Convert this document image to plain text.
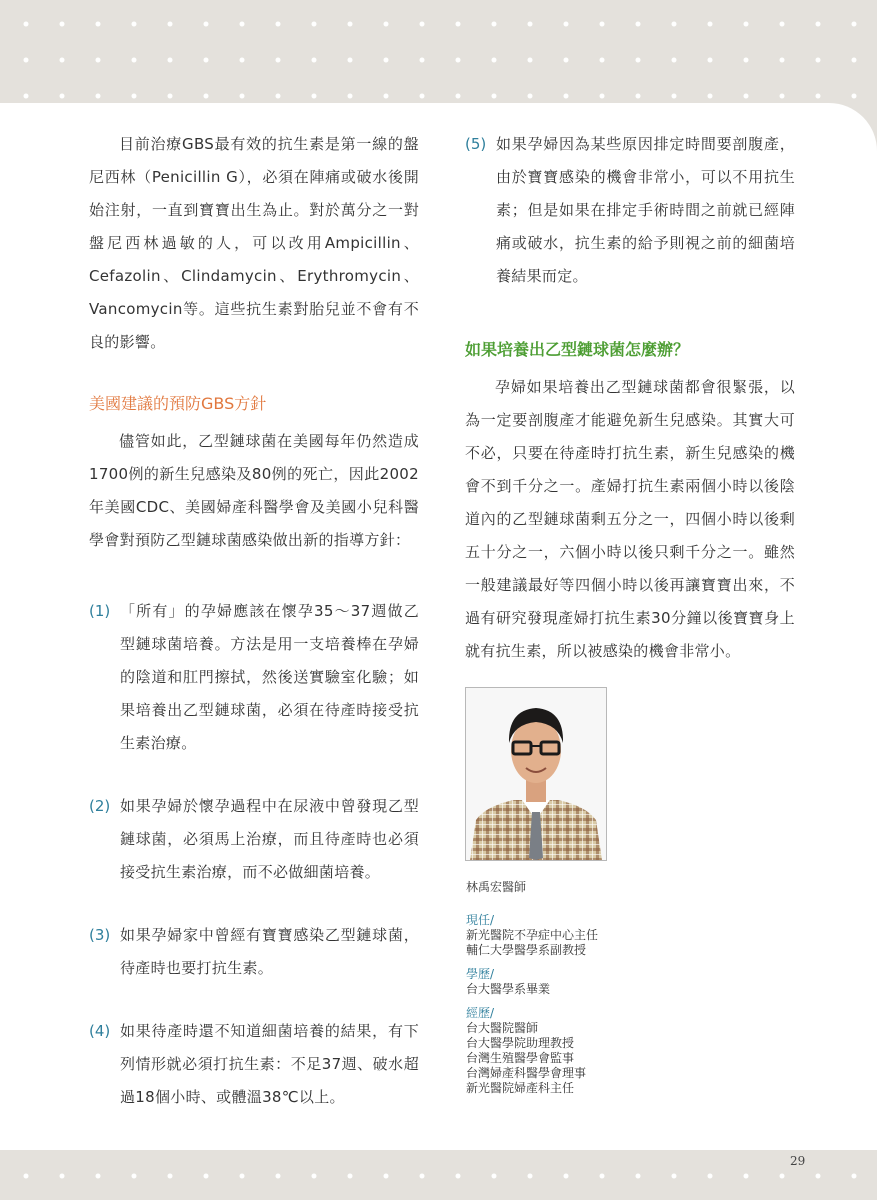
目前治療GBS最有效的抗生素是第一線的盤尼西林（Penicillin G），必須在陣痛或破水後開始注射，一直到寶寶出生為止。對於萬分之一對盤尼西林過敏的人，可以改用Ampicillin、Cefazolin、Clindamycin、Erythromycin、Vancomycin等。這些抗生素對胎兒並不會有不良的影響。

美國建議的預防GBS方針

儘管如此，乙型鏈球菌在美國每年仍然造成1700例的新生兒感染及80例的死亡，因此2002年美國CDC、美國婦產科醫學會及美國小兒科醫學會對預防乙型鏈球菌感染做出新的指導方針：

(1) 「所有」的孕婦應該在懷孕35～37週做乙型鏈球菌培養。方法是用一支培養棒在孕婦的陰道和肛門擦拭，然後送實驗室化驗；如果培養出乙型鏈球菌，必須在待產時接受抗生素治療。

(2) 如果孕婦於懷孕過程中在尿液中曾發現乙型鏈球菌，必須馬上治療，而且待產時也必須接受抗生素治療，而不必做細菌培養。

(3) 如果孕婦家中曾經有寶寶感染乙型鏈球菌，待產時也要打抗生素。

(4) 如果待產時還不知道細菌培養的結果，有下列情形就必須打抗生素：不足37週、破水超過18個小時、或體溫38℃以上。

(5) 如果孕婦因為某些原因排定時間要剖腹產，由於寶寶感染的機會非常小，可以不用抗生素；但是如果在排定手術時間之前就已經陣痛或破水，抗生素的給予則視之前的細菌培養結果而定。

如果培養出乙型鏈球菌怎麼辦？

孕婦如果培養出乙型鏈球菌都會很緊張，以為一定要剖腹產才能避免新生兒感染。其實大可不必，只要在待產時打抗生素，新生兒感染的機會不到千分之一。產婦打抗生素兩個小時以後陰道內的乙型鏈球菌剩五分之一，四個小時以後剩五十分之一，六個小時以後只剩千分之一。雖然一般建議最好等四個小時以後再讓寶寶出來，不過有研究發現產婦打抗生素30分鐘以後寶寶身上就有抗生素，所以被感染的機會非常小。

林禹宏醫師

現任/

新光醫院不孕症中心主任

輔仁大學醫學系副教授

學歷/

台大醫學系畢業

經歷/

台大醫院醫師

台大醫學院助理教授

台灣生殖醫學會監事

台灣婦產科醫學會理事

新光醫院婦產科主任

29
